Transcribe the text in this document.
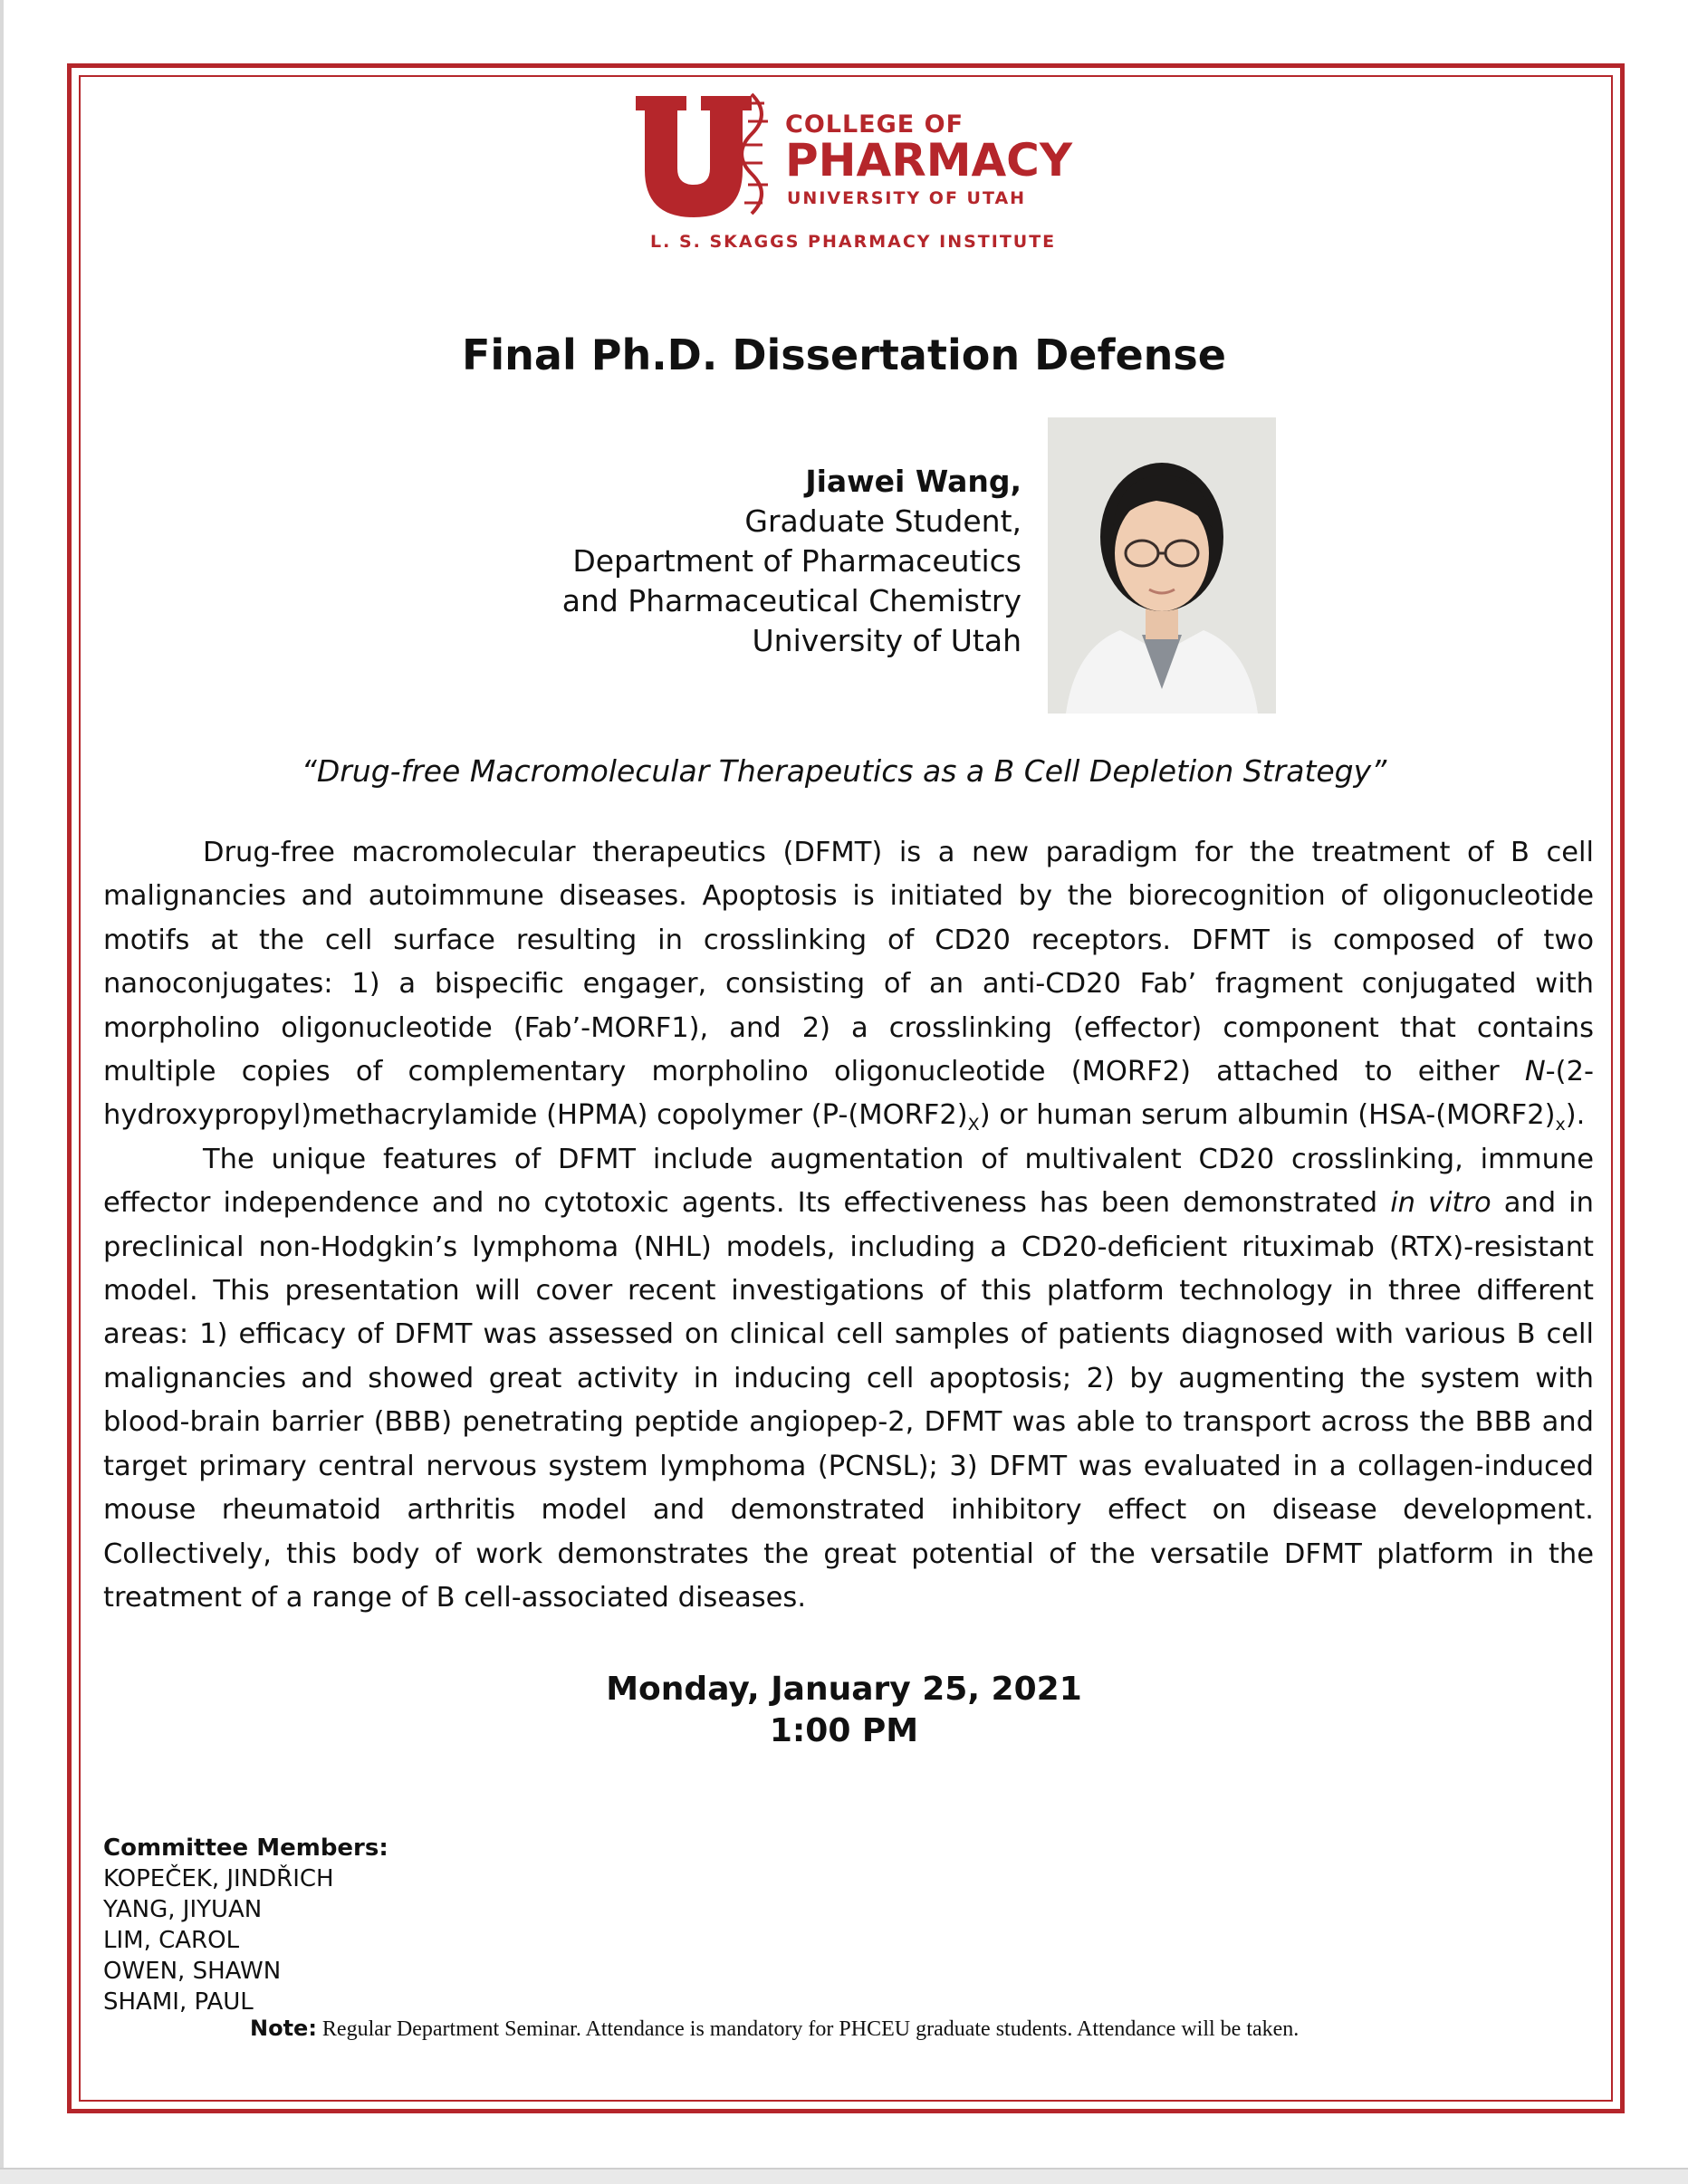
COLLEGE OF
PHARMACY
UNIVERSITY OF UTAH
L. S. SKAGGS PHARMACY INSTITUTE
Final Ph.D. Dissertation Defense
Jiawei Wang,
Graduate Student,
Department of Pharmaceutics
and Pharmaceutical Chemistry
University of Utah
“Drug-free Macromolecular Therapeutics as a B Cell Depletion Strategy”

Drug-free macromolecular therapeutics (DFMT) is a new paradigm for the treatment of B cell malignancies and autoimmune diseases. Apoptosis is initiated by the biorecognition of oligonucleotide motifs at the cell surface resulting in crosslinking of CD20 receptors. DFMT is composed of two nanoconjugates: 1) a bispecific engager, consisting of an anti-CD20 Fab’ fragment conjugated with morpholino oligonucleotide (Fab’-MORF1), and 2) a crosslinking (effector) component that contains multiple copies of complementary morpholino oligonucleotide (MORF2) attached to either N-(2-hydroxypropyl)methacrylamide (HPMA) copolymer $(P-(MORF2)_X)$ or human serum albumin $(HSA-(MORF2)_x)$.

The unique features of DFMT include augmentation of multivalent CD20 crosslinking, immune effector independence and no cytotoxic agents. Its effectiveness has been demonstrated in vitro and in preclinical non-Hodgkin’s lymphoma (NHL) models, including a CD20-deficient rituximab (RTX)-resistant model. This presentation will cover recent investigations of this platform technology in three different areas: 1) efficacy of DFMT was assessed on clinical cell samples of patients diagnosed with various B cell malignancies and showed great activity in inducing cell apoptosis; 2) by augmenting the system with blood-brain barrier (BBB) penetrating peptide angiopep-2, DFMT was able to transport across the BBB and target primary central nervous system lymphoma (PCNSL); 3) DFMT was evaluated in a collagen-induced mouse rheumatoid arthritis model and demonstrated inhibitory effect on disease development. Collectively, this body of work demonstrates the great potential of the versatile DFMT platform in the treatment of a range of B cell-associated diseases.

Monday, January 25, 2021
1:00 PM
Committee Members:
KOPEČEK, JINDŘICH
YANG, JIYUAN
LIM, CAROL
OWEN, SHAWN
SHAMI, PAUL
Note: Regular Department Seminar. Attendance is mandatory for PHCEU graduate students. Attendance will be taken.
